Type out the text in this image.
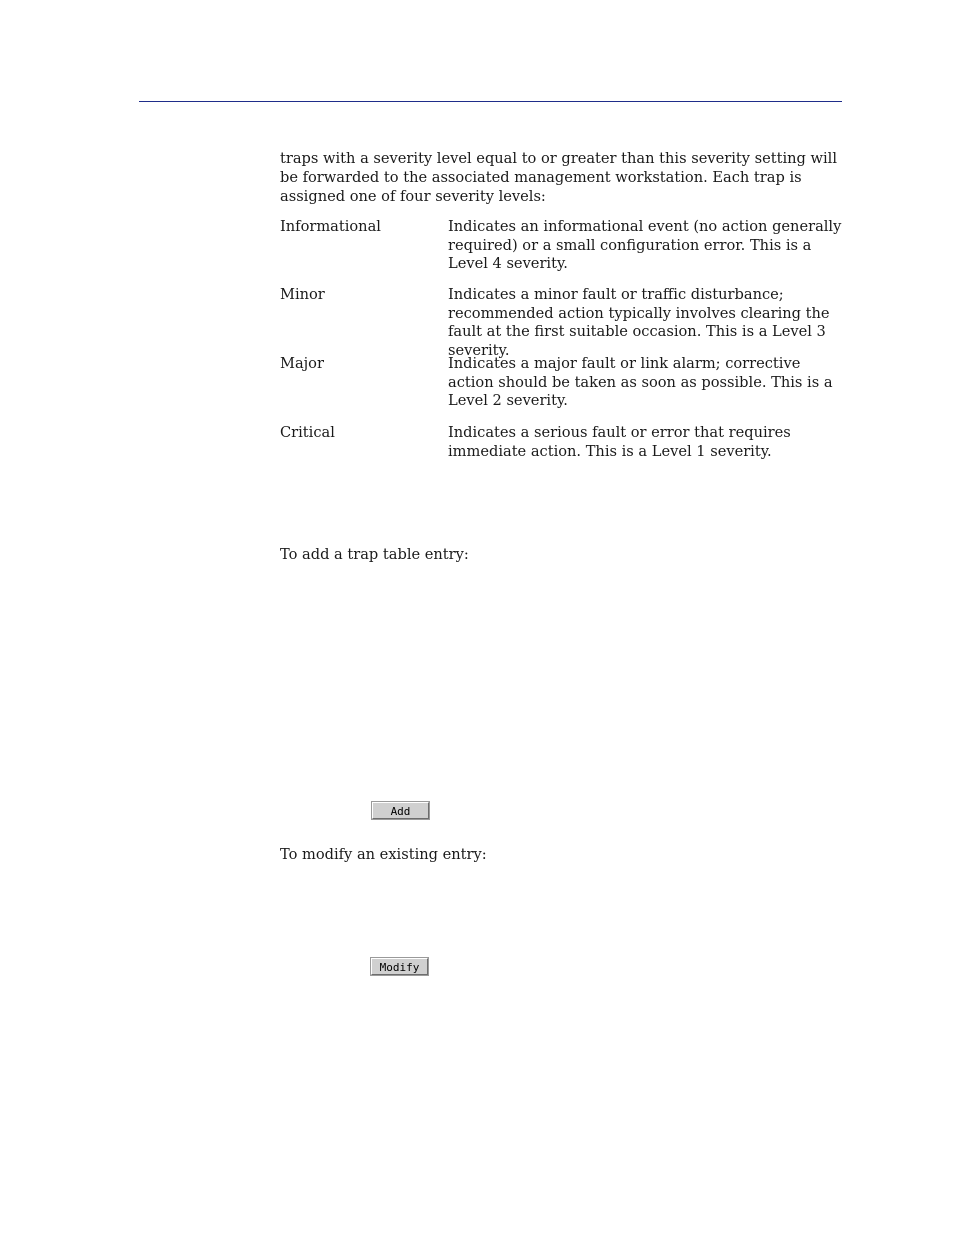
traps with a severity level equal to or greater than this severity setting will be forwarded to the associated management workstation. Each trap is assigned one of four severity levels:

Informational	Indicates an informational event (no action generally required) or a small configuration error. This is a Level 4 severity.
Minor	Indicates a minor fault or traffic disturbance; recommended action typically involves clearing the fault at the first suitable occasion. This is a Level 3 severity.
Major	Indicates a major fault or link alarm; corrective action should be taken as soon as possible. This is a Level 2 severity.
Critical	Indicates a serious fault or error that requires immediate action. This is a Level 1 severity.

To add a trap table entry:

Add

To modify an existing entry:

Modify
